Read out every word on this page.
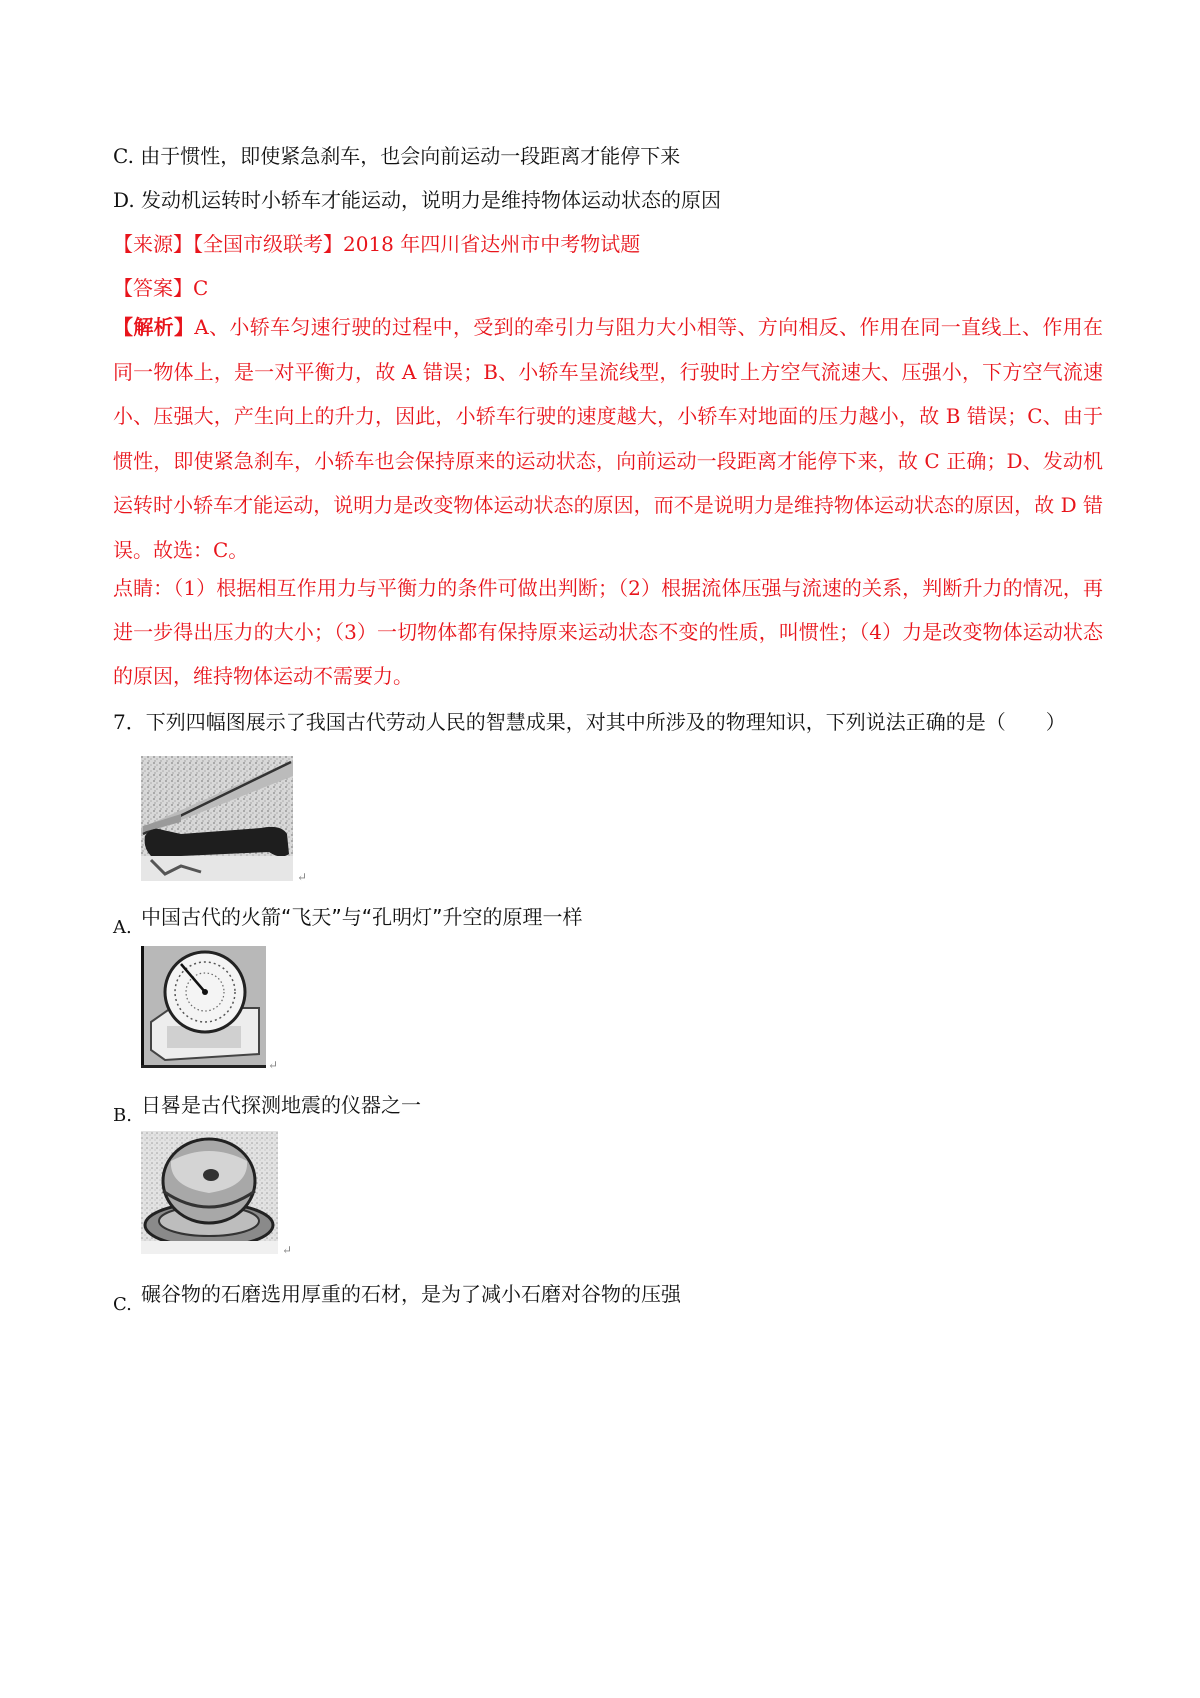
C. 由于惯性，即使紧急刹车，也会向前运动一段距离才能停下来
D. 发动机运转时小轿车才能运动，说明力是维持物体运动状态的原因
【来源】【全国市级联考】2018 年四川省达州市中考物试题
【答案】C
【解析】A、小轿车匀速行驶的过程中，受到的牵引力与阻力大小相等、方向相反、作用在同一直线上、作用在同一物体上，是一对平衡力，故 A 错误；B、小轿车呈流线型，行驶时上方空气流速大、压强小，下方空气流速小、压强大，产生向上的升力，因此，小轿车行驶的速度越大，小轿车对地面的压力越小，故 B 错误；C、由于惯性，即使紧急刹车，小轿车也会保持原来的运动状态，向前运动一段距离才能停下来，故 C 正确；D、发动机运转时小轿车才能运动，说明力是改变物体运动状态的原因，而不是说明力是维持物体运动状态的原因，故 D 错误。故选：C。
点睛：（1）根据相互作用力与平衡力的条件可做出判断；（2）根据流体压强与流速的关系，判断升力的情况，再进一步得出压力的大小；（3）一切物体都有保持原来运动状态不变的性质，叫惯性；（4）力是改变物体运动状态的原因，维持物体运动不需要力。
7．下列四幅图展示了我国古代劳动人民的智慧成果，对其中所涉及的物理知识，下列说法正确的是（　　）
↵
A. 中国古代的火箭“飞天”与“孔明灯”升空的原理一样
↵
B. 日晷是古代探测地震的仪器之一
↵
C. 碾谷物的石磨选用厚重的石材，是为了减小石磨对谷物的压强
